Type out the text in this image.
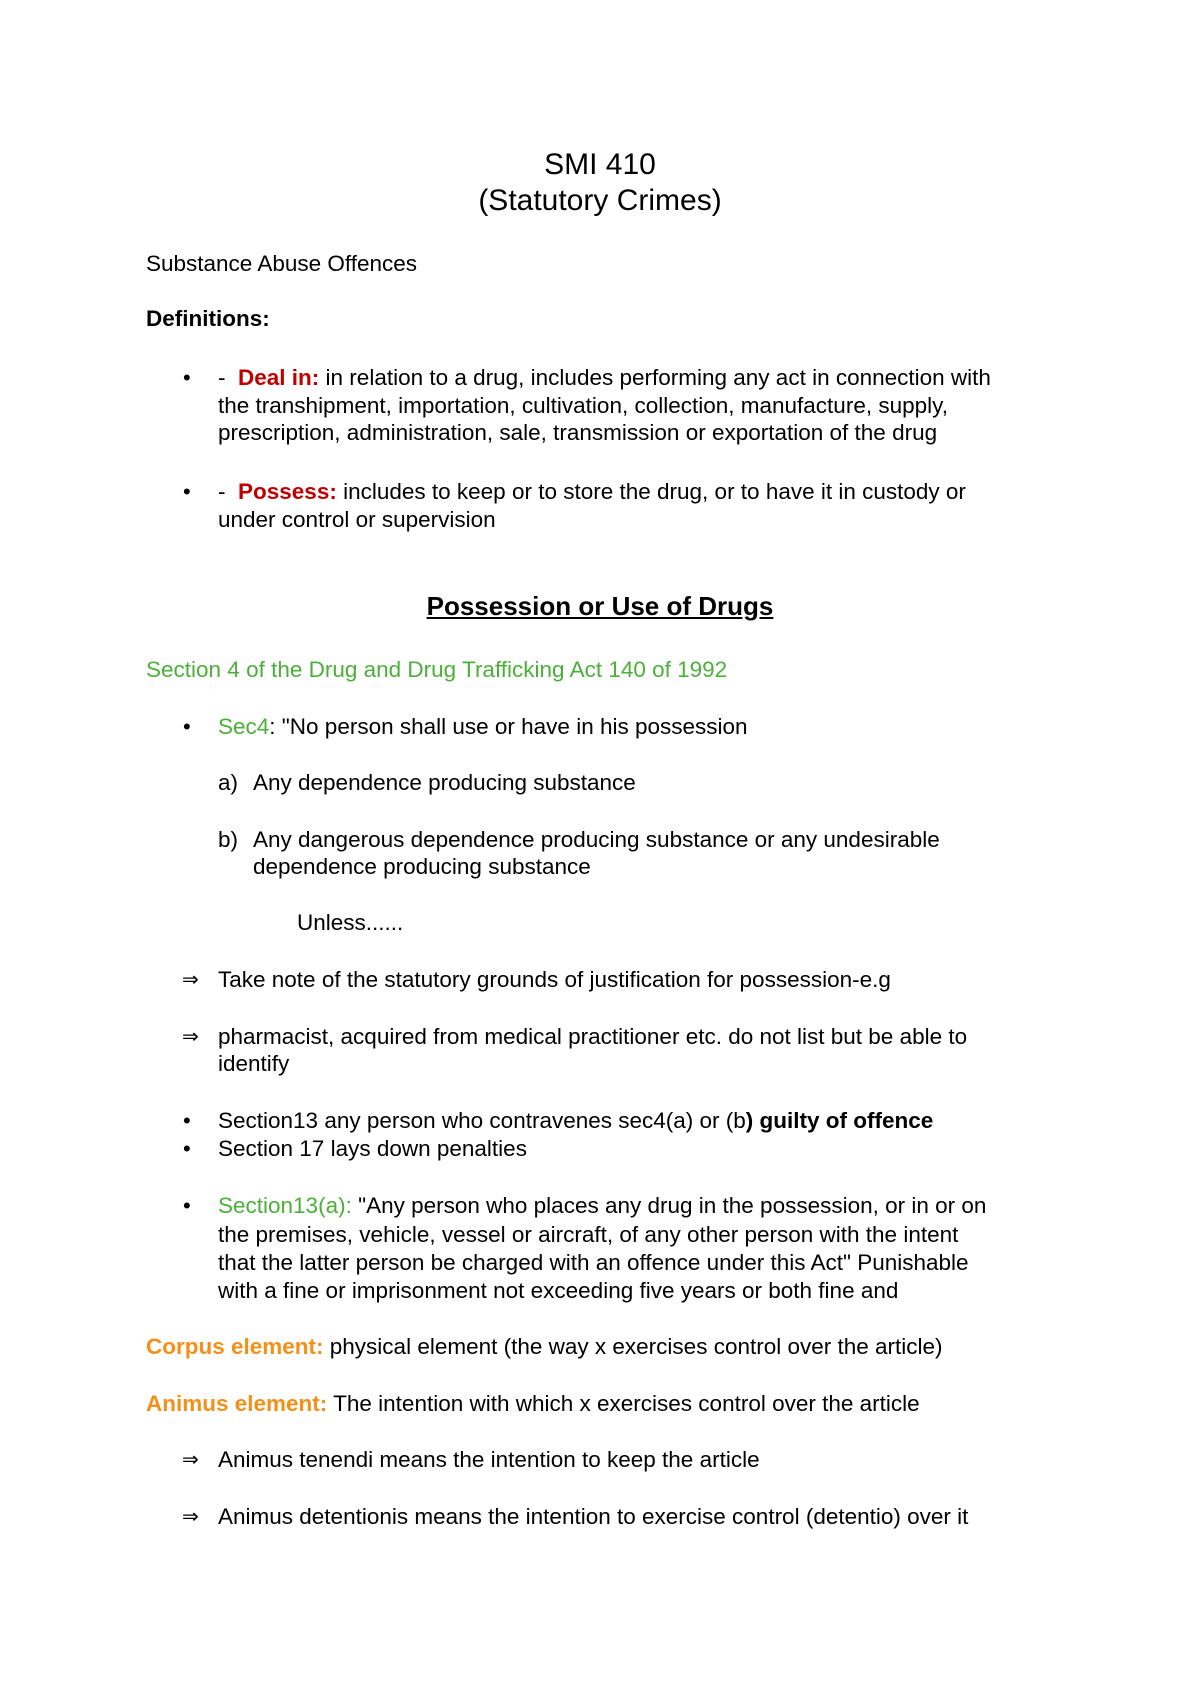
SMI 410
(Statutory Crimes)
Substance Abuse Offences
Definitions:
• - Deal in: in relation to a drug, includes performing any act in connection with
the transhipment, importation, cultivation, collection, manufacture, supply,
prescription, administration, sale, transmission or exportation of the drug
• - Possess: includes to keep or to store the drug, or to have it in custody or
under control or supervision
Possession or Use of Drugs
Section 4 of the Drug and Drug Trafficking Act 140 of 1992
• Sec4: "No person shall use or have in his possession
a) Any dependence producing substance
b) Any dangerous dependence producing substance or any undesirable
dependence producing substance
Unless......
⇒ Take note of the statutory grounds of justification for possession-e.g
⇒ pharmacist, acquired from medical practitioner etc. do not list but be able to
identify
• Section13 any person who contravenes sec4(a) or (b) guilty of offence
• Section 17 lays down penalties
• Section13(a): "Any person who places any drug in the possession, or in or on
the premises, vehicle, vessel or aircraft, of any other person with the intent
that the latter person be charged with an offence under this Act" Punishable
with a fine or imprisonment not exceeding five years or both fine and
Corpus element: physical element (the way x exercises control over the article)
Animus element: The intention with which x exercises control over the article
⇒ Animus tenendi means the intention to keep the article
⇒ Animus detentionis means the intention to exercise control (detentio) over it
